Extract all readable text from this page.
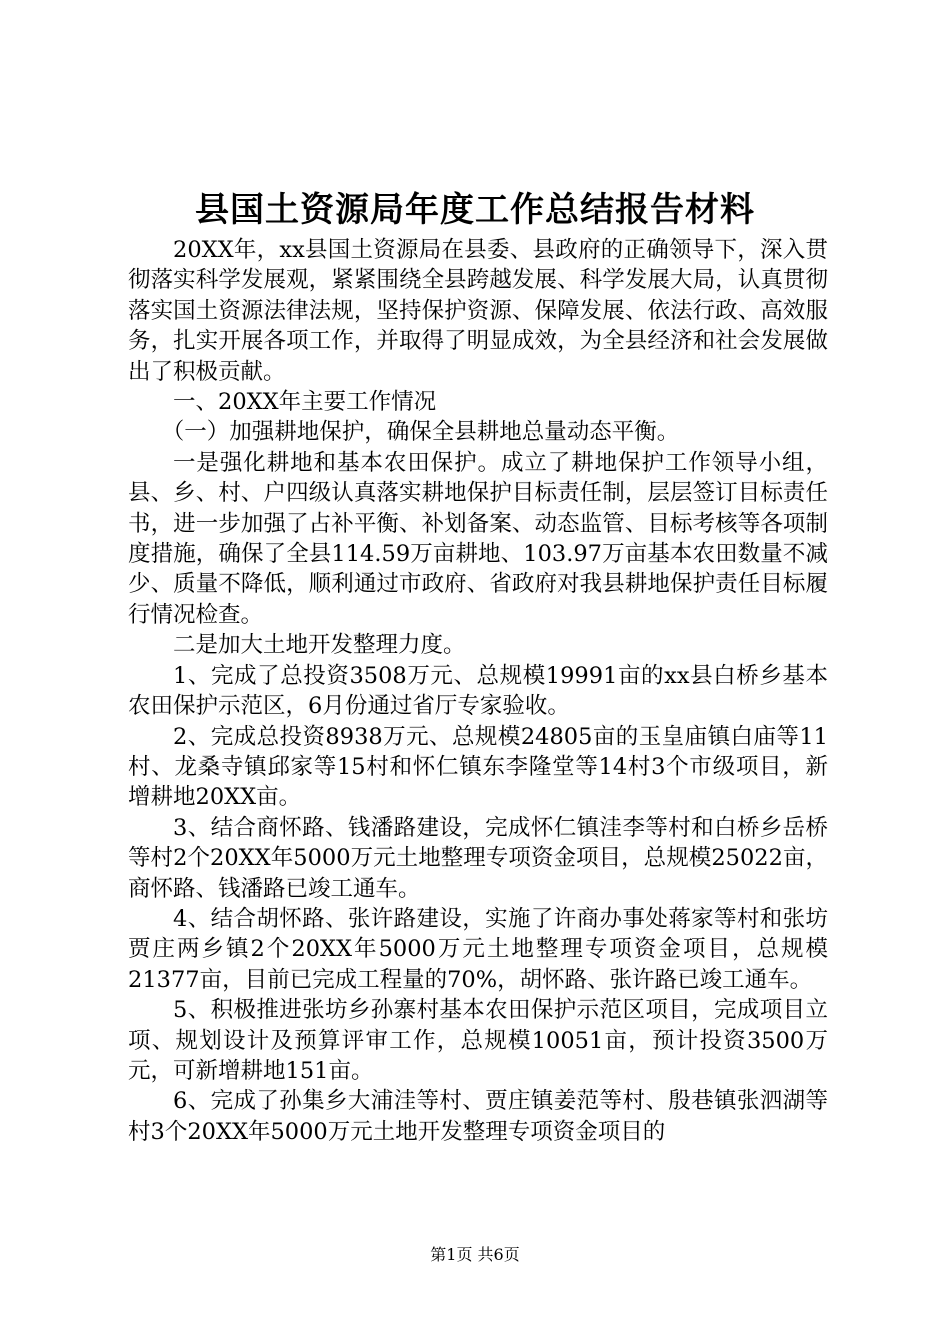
县国土资源局年度工作总结报告材料

20XX年，xx县国土资源局在县委、县政府的正确领导下，深入贯彻落实科学发展观，紧紧围绕全县跨越发展、科学发展大局，认真贯彻落实国土资源法律法规，坚持保护资源、保障发展、依法行政、高效服务，扎实开展各项工作，并取得了明显成效，为全县经济和社会发展做出了积极贡献。

一、20XX年主要工作情况

（一）加强耕地保护，确保全县耕地总量动态平衡。

一是强化耕地和基本农田保护。成立了耕地保护工作领导小组，县、乡、村、户四级认真落实耕地保护目标责任制，层层签订目标责任书，进一步加强了占补平衡、补划备案、动态监管、目标考核等各项制度措施，确保了全县114.59万亩耕地、103.97万亩基本农田数量不减少、质量不降低，顺利通过市政府、省政府对我县耕地保护责任目标履行情况检查。

二是加大土地开发整理力度。

1、完成了总投资3508万元、总规模19991亩的xx县白桥乡基本农田保护示范区，6月份通过省厅专家验收。

2、完成总投资8938万元、总规模24805亩的玉皇庙镇白庙等11村、龙桑寺镇邱家等15村和怀仁镇东李隆堂等14村3个市级项目，新增耕地20XX亩。

3、结合商怀路、钱潘路建设，完成怀仁镇洼李等村和白桥乡岳桥等村2个20XX年5000万元土地整理专项资金项目，总规模25022亩，商怀路、钱潘路已竣工通车。

4、结合胡怀路、张许路建设，实施了许商办事处蒋家等村和张坊贾庄两乡镇2个20XX年5000万元土地整理专项资金项目，总规模21377亩，目前已完成工程量的70%，胡怀路、张许路已竣工通车。

5、积极推进张坊乡孙寨村基本农田保护示范区项目，完成项目立项、规划设计及预算评审工作，总规模10051亩，预计投资3500万元，可新增耕地151亩。

6、完成了孙集乡大浦洼等村、贾庄镇姜范等村、殷巷镇张泗湖等村3个20XX年5000万元土地开发整理专项资金项目的

第1页 共6页
